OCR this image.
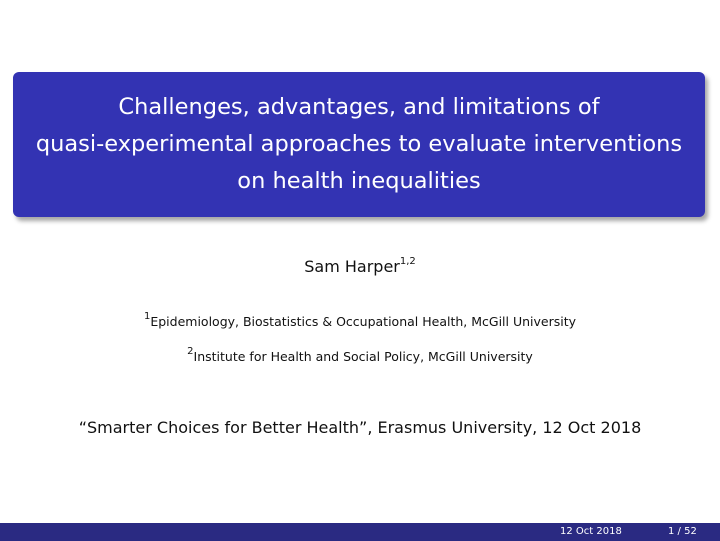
Challenges, advantages, and limitations of
quasi-experimental approaches to evaluate interventions
on health inequalities
Sam Harper$^{1,2}$
$^1$Epidemiology, Biostatistics & Occupational Health, McGill University
$^2$Institute for Health and Social Policy, McGill University
“Smarter Choices for Better Health”, Erasmus University, 12 Oct 2018
12 Oct 2018	1 / 52
